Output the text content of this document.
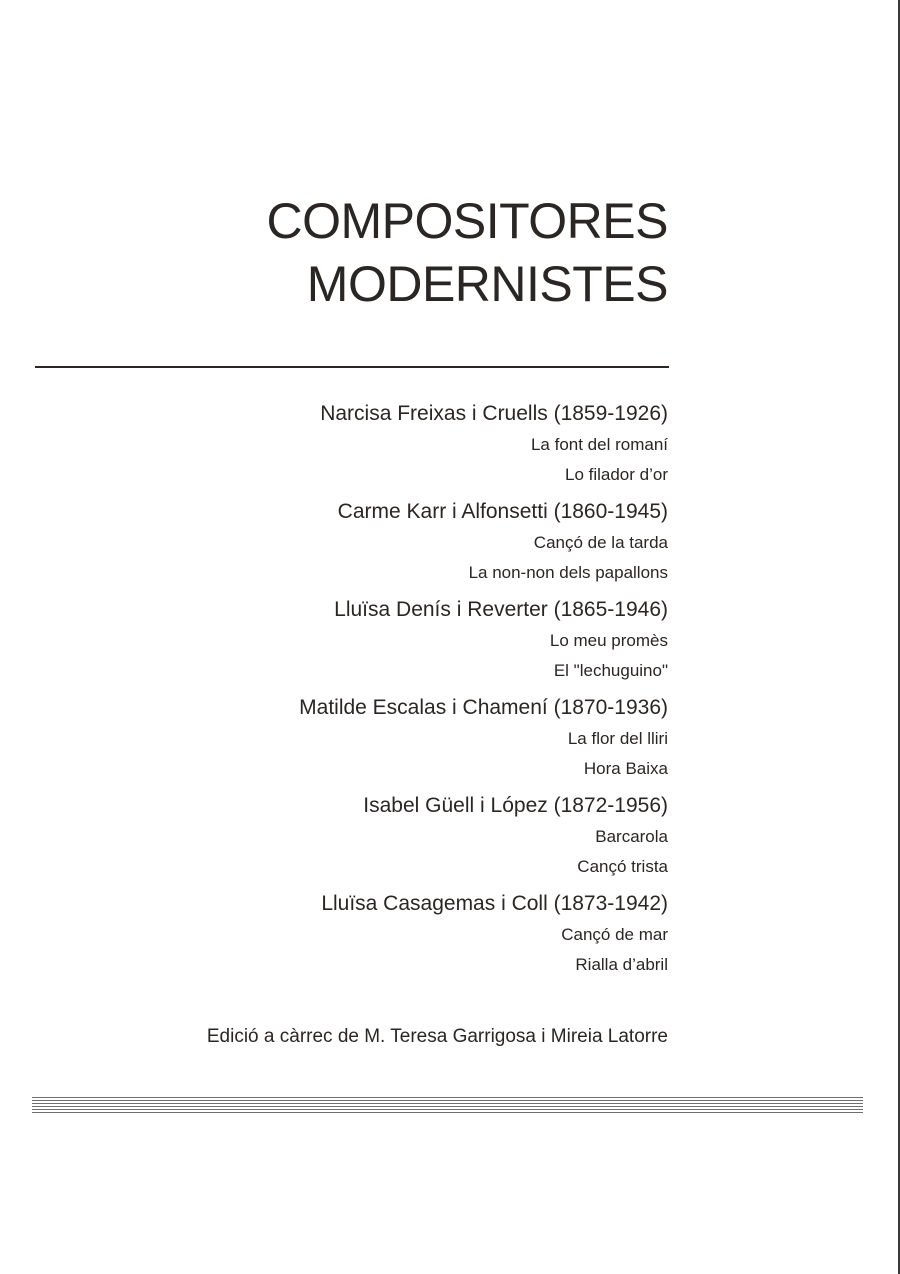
COMPOSITORES
MODERNISTES
Narcisa Freixas i Cruells (1859-1926)
La font del romaní
Lo filador d’or
Carme Karr i Alfonsetti (1860-1945)
Cançó de la tarda
La non-non dels papallons
Lluïsa Denís i Reverter (1865-1946)
Lo meu promès
El "lechuguino"
Matilde Escalas i Chamení (1870-1936)
La flor del lliri
Hora Baixa
Isabel Güell i López (1872-1956)
Barcarola
Cançó trista
Lluïsa Casagemas i Coll (1873-1942)
Cançó de mar
Rialla d’abril
Edició a càrrec de M. Teresa Garrigosa i Mireia Latorre
